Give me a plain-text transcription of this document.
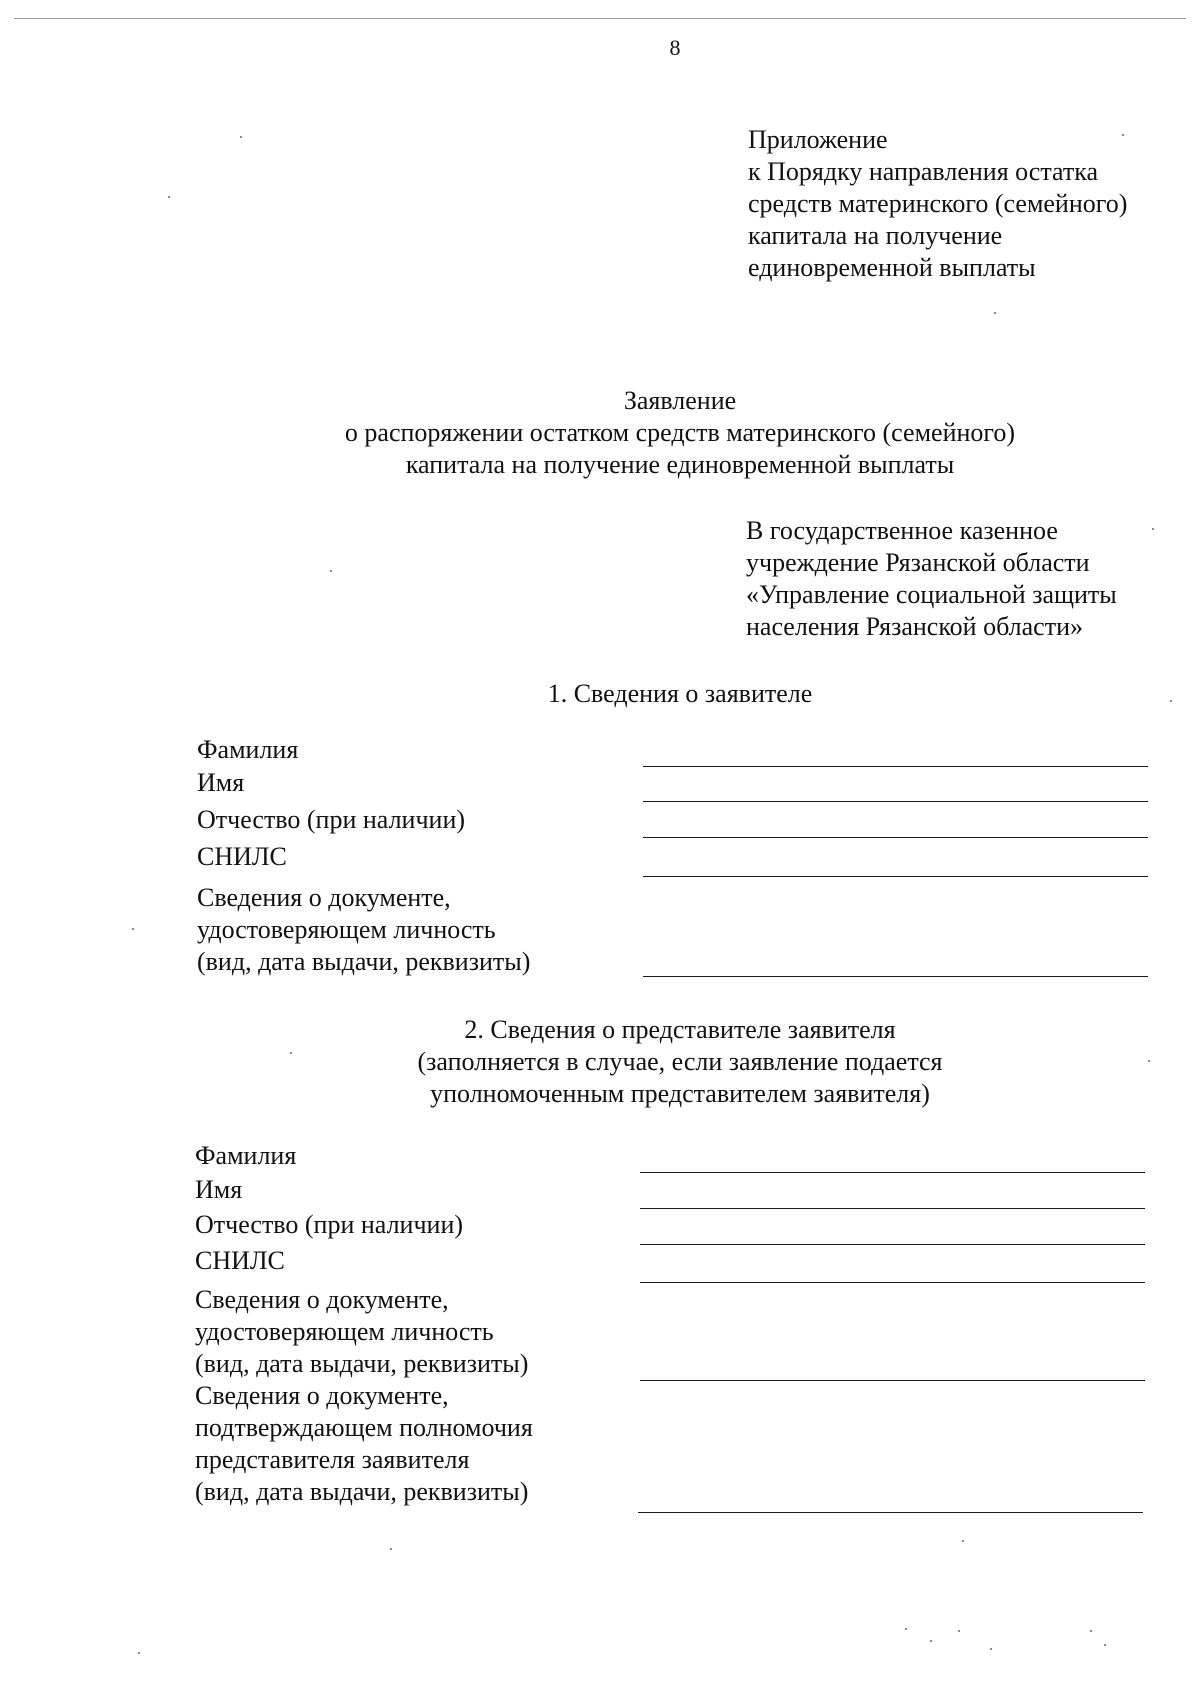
8
Приложение
к Порядку направления остатка
средств материнского (семейного)
капитала на получение
единовременной выплаты
Заявление
о распоряжении остатком средств материнского (семейного)
капитала на получение единовременной выплаты
В государственное казенное
учреждение Рязанской области
«Управление социальной защиты
населения Рязанской области»
1. Сведения о заявителе
Фамилия
Имя
Отчество (при наличии)
СНИЛС
Сведения о документе,
удостоверяющем личность
(вид, дата выдачи, реквизиты)
2. Сведения о представителе заявителя
(заполняется в случае, если заявление подается
уполномоченным представителем заявителя)
Фамилия
Имя
Отчество (при наличии)
СНИЛС
Сведения о документе,
удостоверяющем личность
(вид, дата выдачи, реквизиты)
Сведения о документе,
подтверждающем полномочия
представителя заявителя
(вид, дата выдачи, реквизиты)
